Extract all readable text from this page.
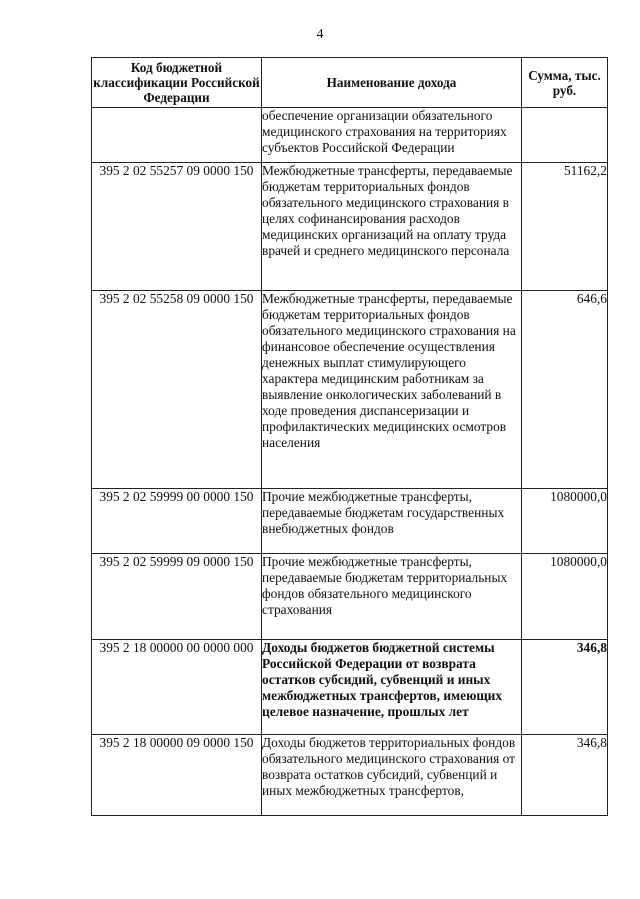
4
Код бюджетной классификации Российской Федерации	Наименование дохода	Сумма, тыс. руб.
	обеспечение организации обязательного медицинского страхования на территориях субъектов Российской Федерации	
395 2 02 55257 09 0000 150	Межбюджетные трансферты, передаваемые бюджетам территориальных фондов обязательного медицинского страхования в целях софинансирования расходов медицинских организаций на оплату труда врачей и среднего медицинского персонала	51162,2
395 2 02 55258 09 0000 150	Межбюджетные трансферты, передаваемые бюджетам территориальных фондов обязательного медицинского страхования на финансовое обеспечение осуществления денежных выплат стимулирующего характера медицинским работникам за выявление онкологических заболеваний в ходе проведения диспансеризации и профилактических медицинских осмотров населения	646,6
395 2 02 59999 00 0000 150	Прочие межбюджетные трансферты, передаваемые бюджетам государственных внебюджетных фондов	1080000,0
395 2 02 59999 09 0000 150	Прочие межбюджетные трансферты, передаваемые бюджетам территориальных фондов обязательного медицинского страхования	1080000,0
395 2 18 00000 00 0000 000	Доходы бюджетов бюджетной системы Российской Федерации от возврата остатков субсидий, субвенций и иных межбюджетных трансфертов, имеющих целевое назначение, прошлых лет	346,8
395 2 18 00000 09 0000 150	Доходы бюджетов территориальных фондов обязательного медицинского страхования от возврата остатков субсидий, субвенций и иных межбюджетных трансфертов,	346,8
